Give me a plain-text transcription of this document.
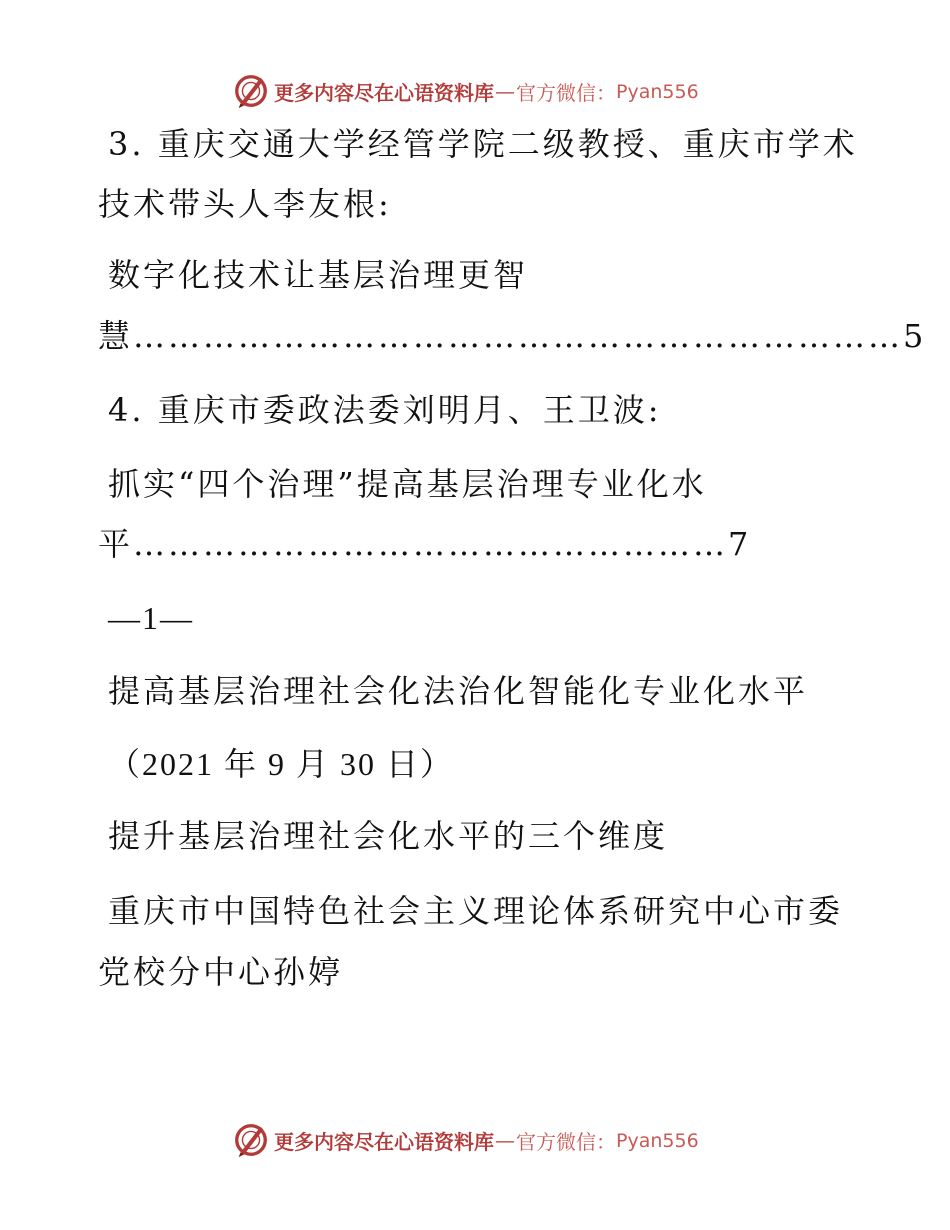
更多内容尽在心语资料库 — 官方微信： Pyan556
3. 重庆交通大学经管学院二级教授、重庆市学术
技术带头人李友根:
数字化技术让基层治理更智
慧…………………………………………………………5
4. 重庆市委政法委刘明月、王卫波:
抓实“四个治理”提高基层治理专业化水
平……………………………………………7
—1—
提高基层治理社会化法治化智能化专业化水平
（2021 年 9 月 30 日）
提升基层治理社会化水平的三个维度
重庆市中国特色社会主义理论体系研究中心市委
党校分中心孙婷
更多内容尽在心语资料库 — 官方微信： Pyan556
